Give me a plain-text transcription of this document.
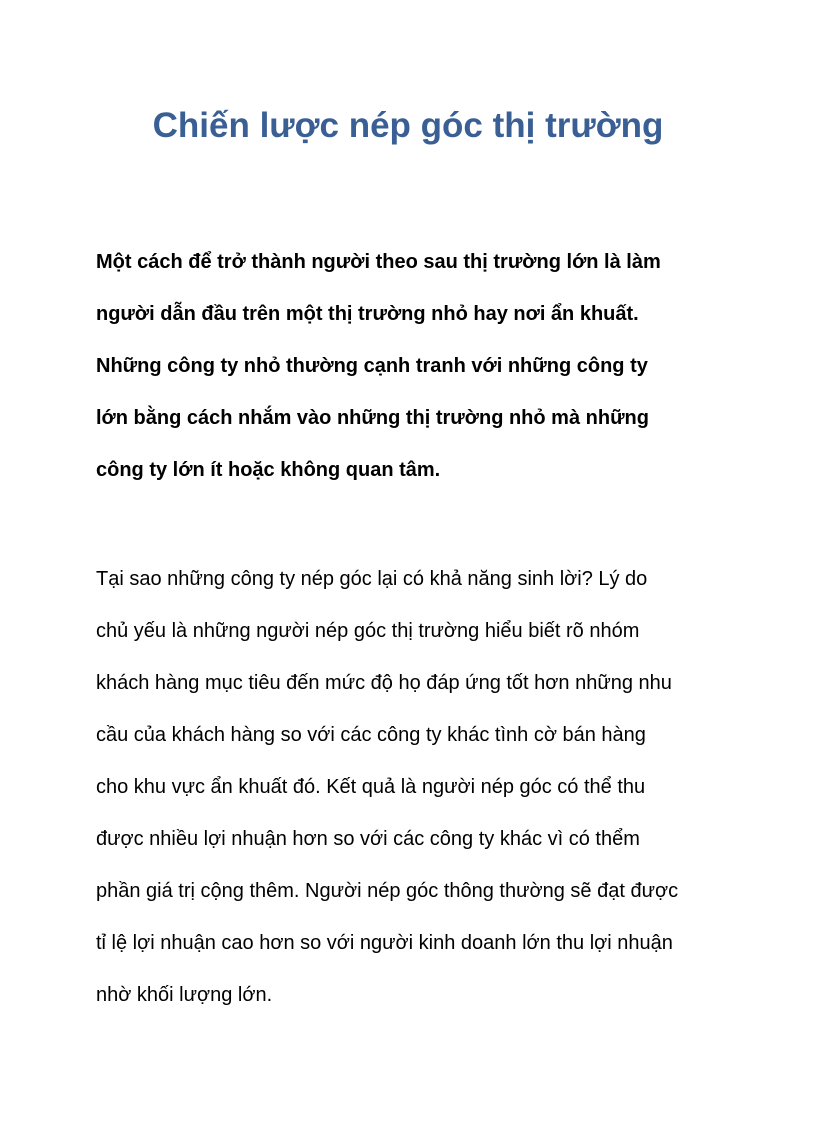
Chiến lược nép góc thị trường

Một cách để trở thành người theo sau thị trường lớn là làm
người dẫn đầu trên một thị trường nhỏ hay nơi ẩn khuất.
Những công ty nhỏ thường cạnh tranh với những công ty
lớn bằng cách nhắm vào những thị trường nhỏ mà những
công ty lớn ít hoặc không quan tâm.

Tại sao những công ty nép góc lại có khả năng sinh lời? Lý do
chủ yếu là những người nép góc thị trường hiểu biết rõ nhóm
khách hàng mục tiêu đến mức độ họ đáp ứng tốt hơn những nhu
cầu của khách hàng so với các công ty khác tình cờ bán hàng
cho khu vực ẩn khuất đó. Kết quả là người nép góc có thể thu
được nhiều lợi nhuận hơn so với các công ty khác vì có thểm
phần giá trị cộng thêm. Người nép góc thông thường sẽ đạt được
tỉ lệ lợi nhuận cao hơn so với người kinh doanh lớn thu lợi nhuận
nhờ khối lượng lớn.
